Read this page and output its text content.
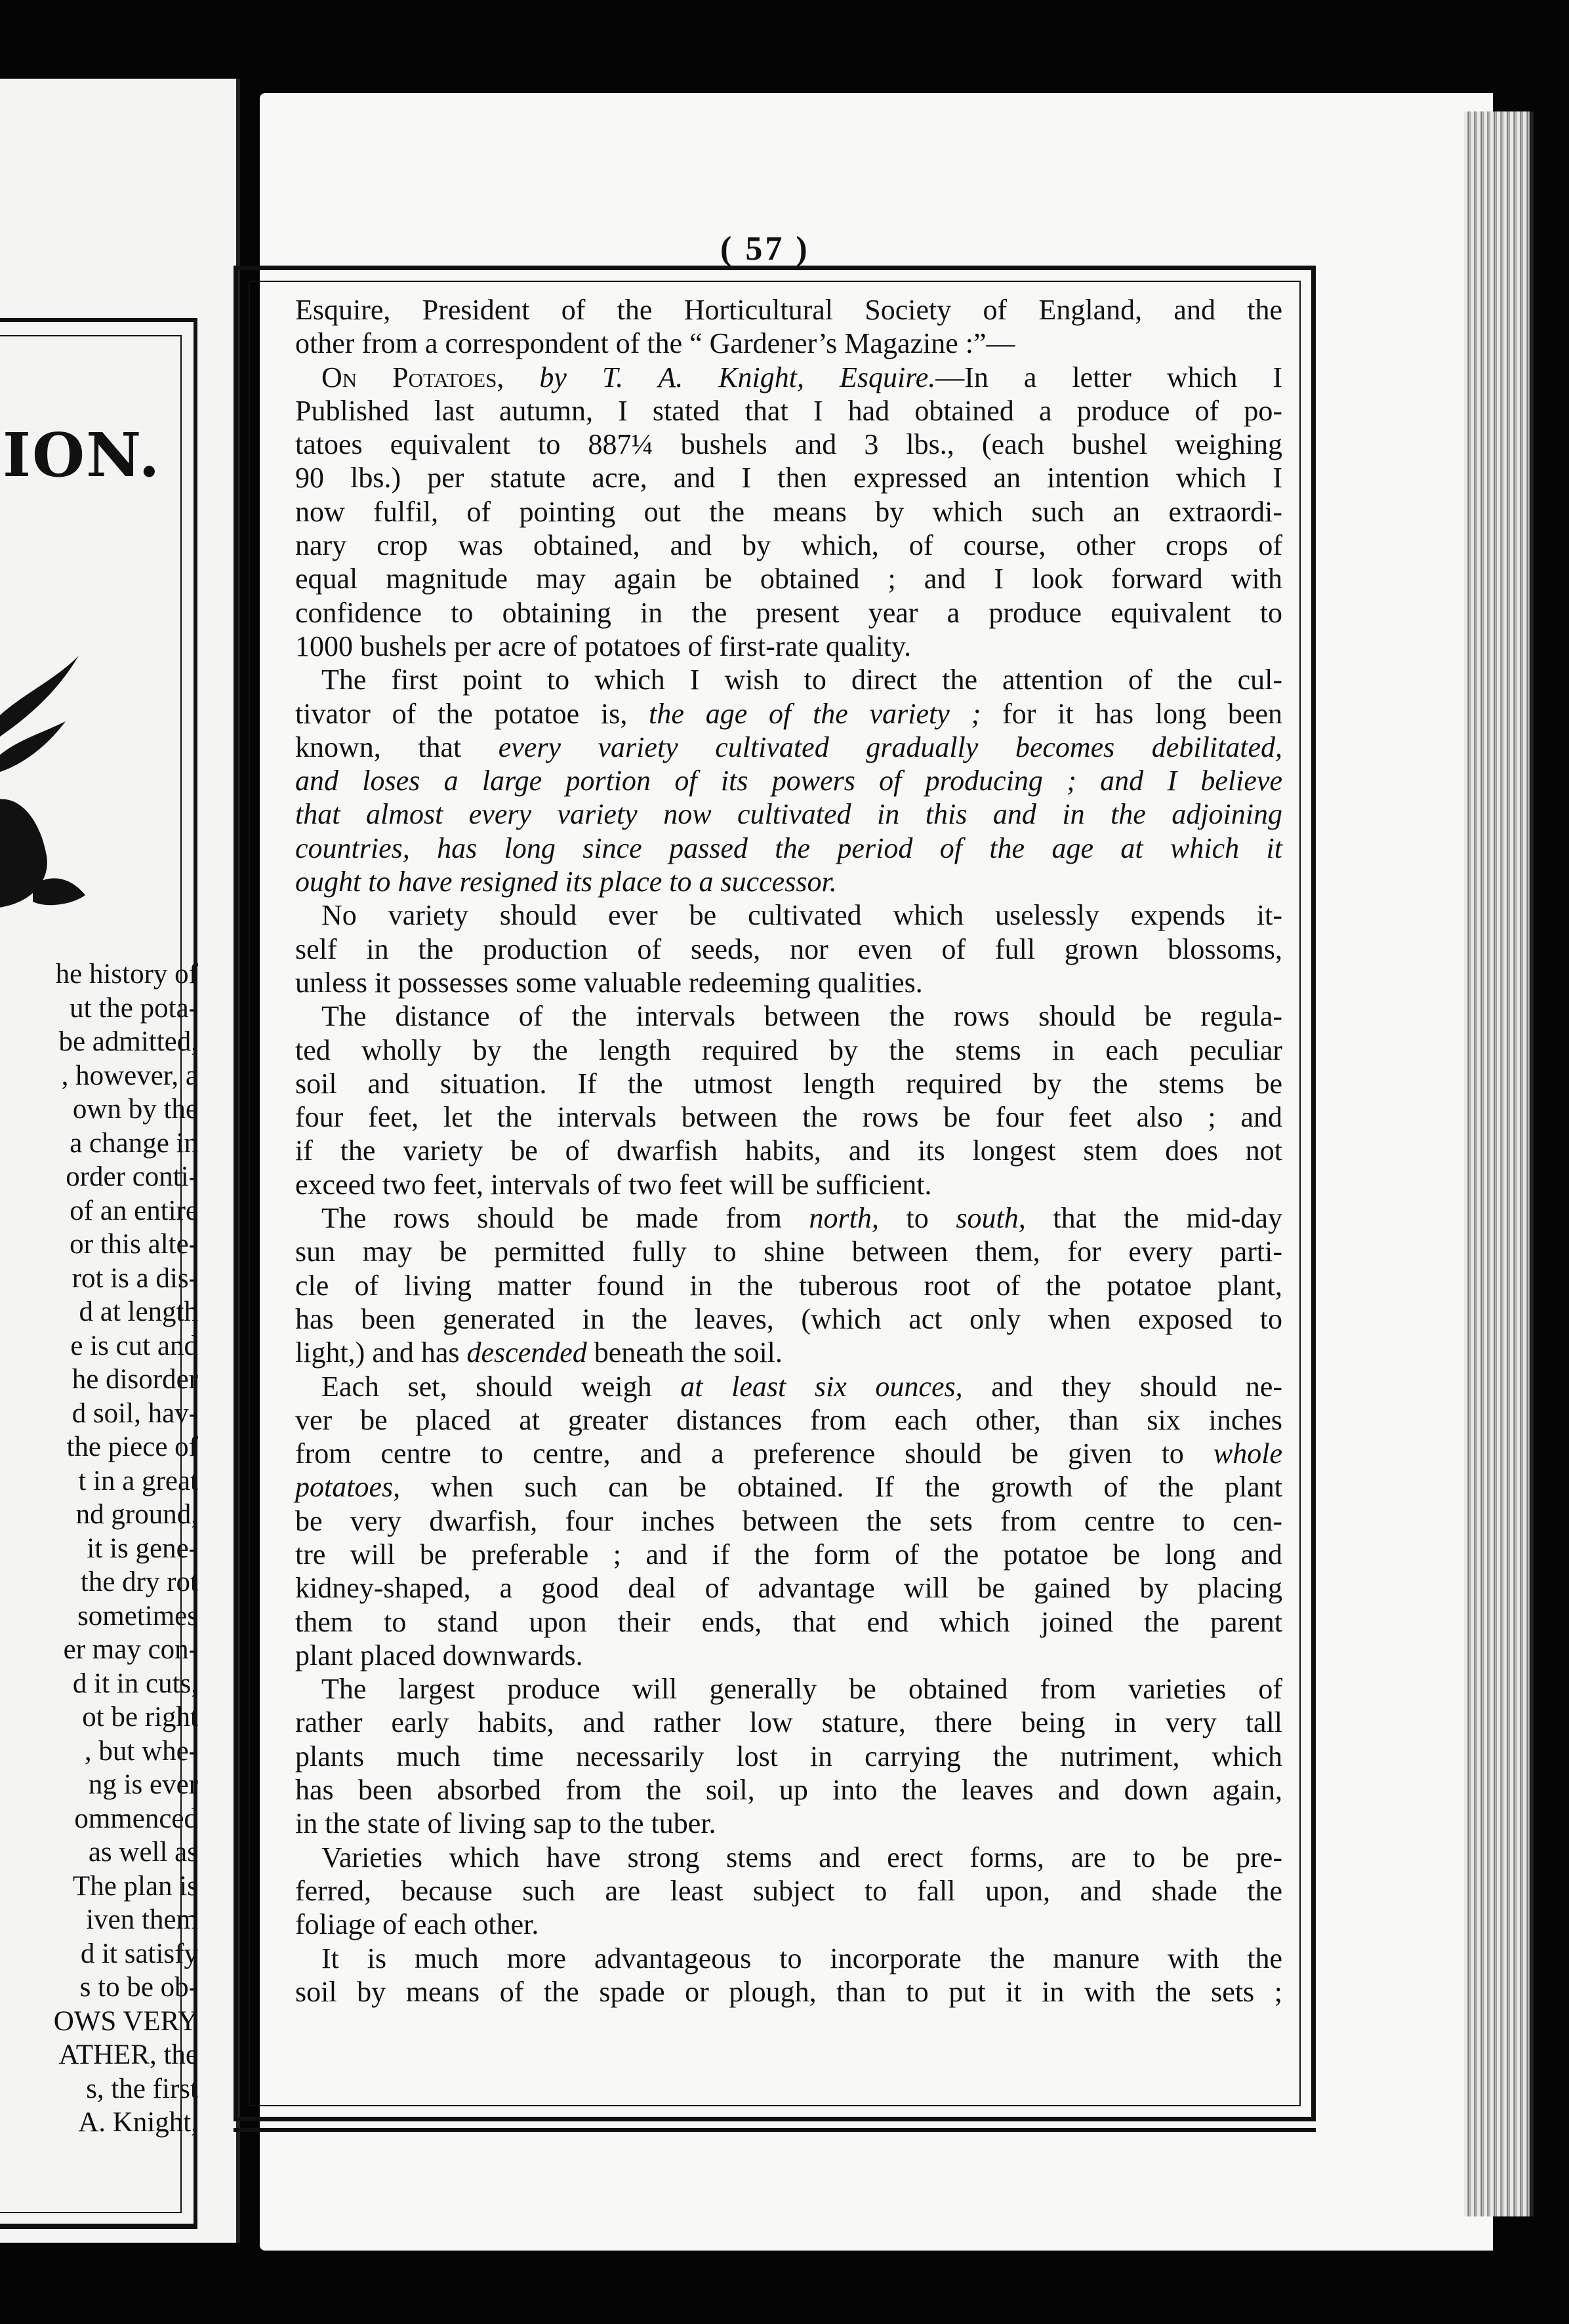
ION.
he history of
ut the pota-
be admitted,
, however, a
own by the
a change in
order conti-
of an entire
or this alte-
rot is a dis-
d at length
e is cut and
he disorder
d soil, hav-
the piece of
t in a great
nd ground,
it is gene-
the dry rot
sometimes
er may con-
d it in cuts,
ot be right
, but whe-
ng is ever
ommenced
as well as
The plan is
iven them
d it satisfy
s to be ob-
OWS VERY
ATHER, the
s, the first
A. Knight,
( 57 )
Esquire, President of the Horticultural Society of England, and the
other from a correspondent of the “ Gardener’s Magazine :”—
On Potatoes, by T. A. Knight, Esquire.—In a letter which I
Published last autumn, I stated that I had obtained a produce of po-
tatoes equivalent to 887¼ bushels and 3 lbs., (each bushel weighing
90 lbs.) per statute acre, and I then expressed an intention which I
now fulfil, of pointing out the means by which such an extraordi-
nary crop was obtained, and by which, of course, other crops of
equal magnitude may again be obtained ; and I look forward with
confidence to obtaining in the present year a produce equivalent to
1000 bushels per acre of potatoes of first-rate quality.
The first point to which I wish to direct the attention of the cul-
tivator of the potatoe is, the age of the variety ; for it has long been
known, that every variety cultivated gradually becomes debilitated,
and loses a large portion of its powers of producing ; and I believe
that almost every variety now cultivated in this and in the adjoining
countries, has long since passed the period of the age at which it
ought to have resigned its place to a successor.
No variety should ever be cultivated which uselessly expends it-
self in the production of seeds, nor even of full grown blossoms,
unless it possesses some valuable redeeming qualities.
The distance of the intervals between the rows should be regula-
ted wholly by the length required by the stems in each peculiar
soil and situation. If the utmost length required by the stems be
four feet, let the intervals between the rows be four feet also ; and
if the variety be of dwarfish habits, and its longest stem does not
exceed two feet, intervals of two feet will be sufficient.
The rows should be made from north, to south, that the mid-day
sun may be permitted fully to shine between them, for every parti-
cle of living matter found in the tuberous root of the potatoe plant,
has been generated in the leaves, (which act only when exposed to
light,) and has descended beneath the soil.
Each set, should weigh at least six ounces, and they should ne-
ver be placed at greater distances from each other, than six inches
from centre to centre, and a preference should be given to whole
potatoes, when such can be obtained. If the growth of the plant
be very dwarfish, four inches between the sets from centre to cen-
tre will be preferable ; and if the form of the potatoe be long and
kidney-shaped, a good deal of advantage will be gained by placing
them to stand upon their ends, that end which joined the parent
plant placed downwards.
The largest produce will generally be obtained from varieties of
rather early habits, and rather low stature, there being in very tall
plants much time necessarily lost in carrying the nutriment, which
has been absorbed from the soil, up into the leaves and down again,
in the state of living sap to the tuber.
Varieties which have strong stems and erect forms, are to be pre-
ferred, because such are least subject to fall upon, and shade the
foliage of each other.
It is much more advantageous to incorporate the manure with the
soil by means of the spade or plough, than to put it in with the sets ;
